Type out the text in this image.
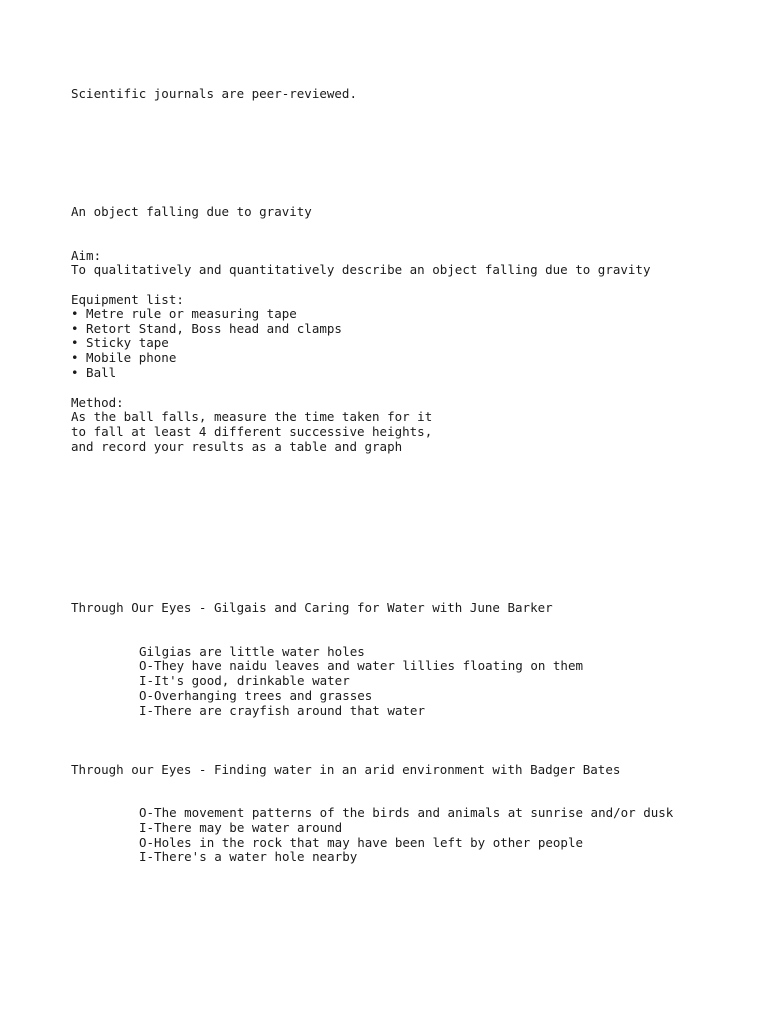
Scientific journals are peer-reviewed.

An object falling due to gravity

Aim:

To qualitatively and quantitatively describe an object falling due to gravity

Equipment list:

• Metre rule or measuring tape

• Retort Stand, Boss head and clamps

• Sticky tape

• Mobile phone

• Ball

Method:

As the ball falls, measure the time taken for it

to fall at least 4 different successive heights,

and record your results as a table and graph

Through Our Eyes - Gilgais and Caring for Water with June Barker

Gilgias are little water holes

O-They have naidu leaves and water lillies floating on them

I-It's good, drinkable water

O-Overhanging trees and grasses

I-There are crayfish around that water

Through our Eyes - Finding water in an arid environment with Badger Bates

O-The movement patterns of the birds and animals at sunrise and/or dusk

I-There may be water around

O-Holes in the rock that may have been left by other people

I-There's a water hole nearby
